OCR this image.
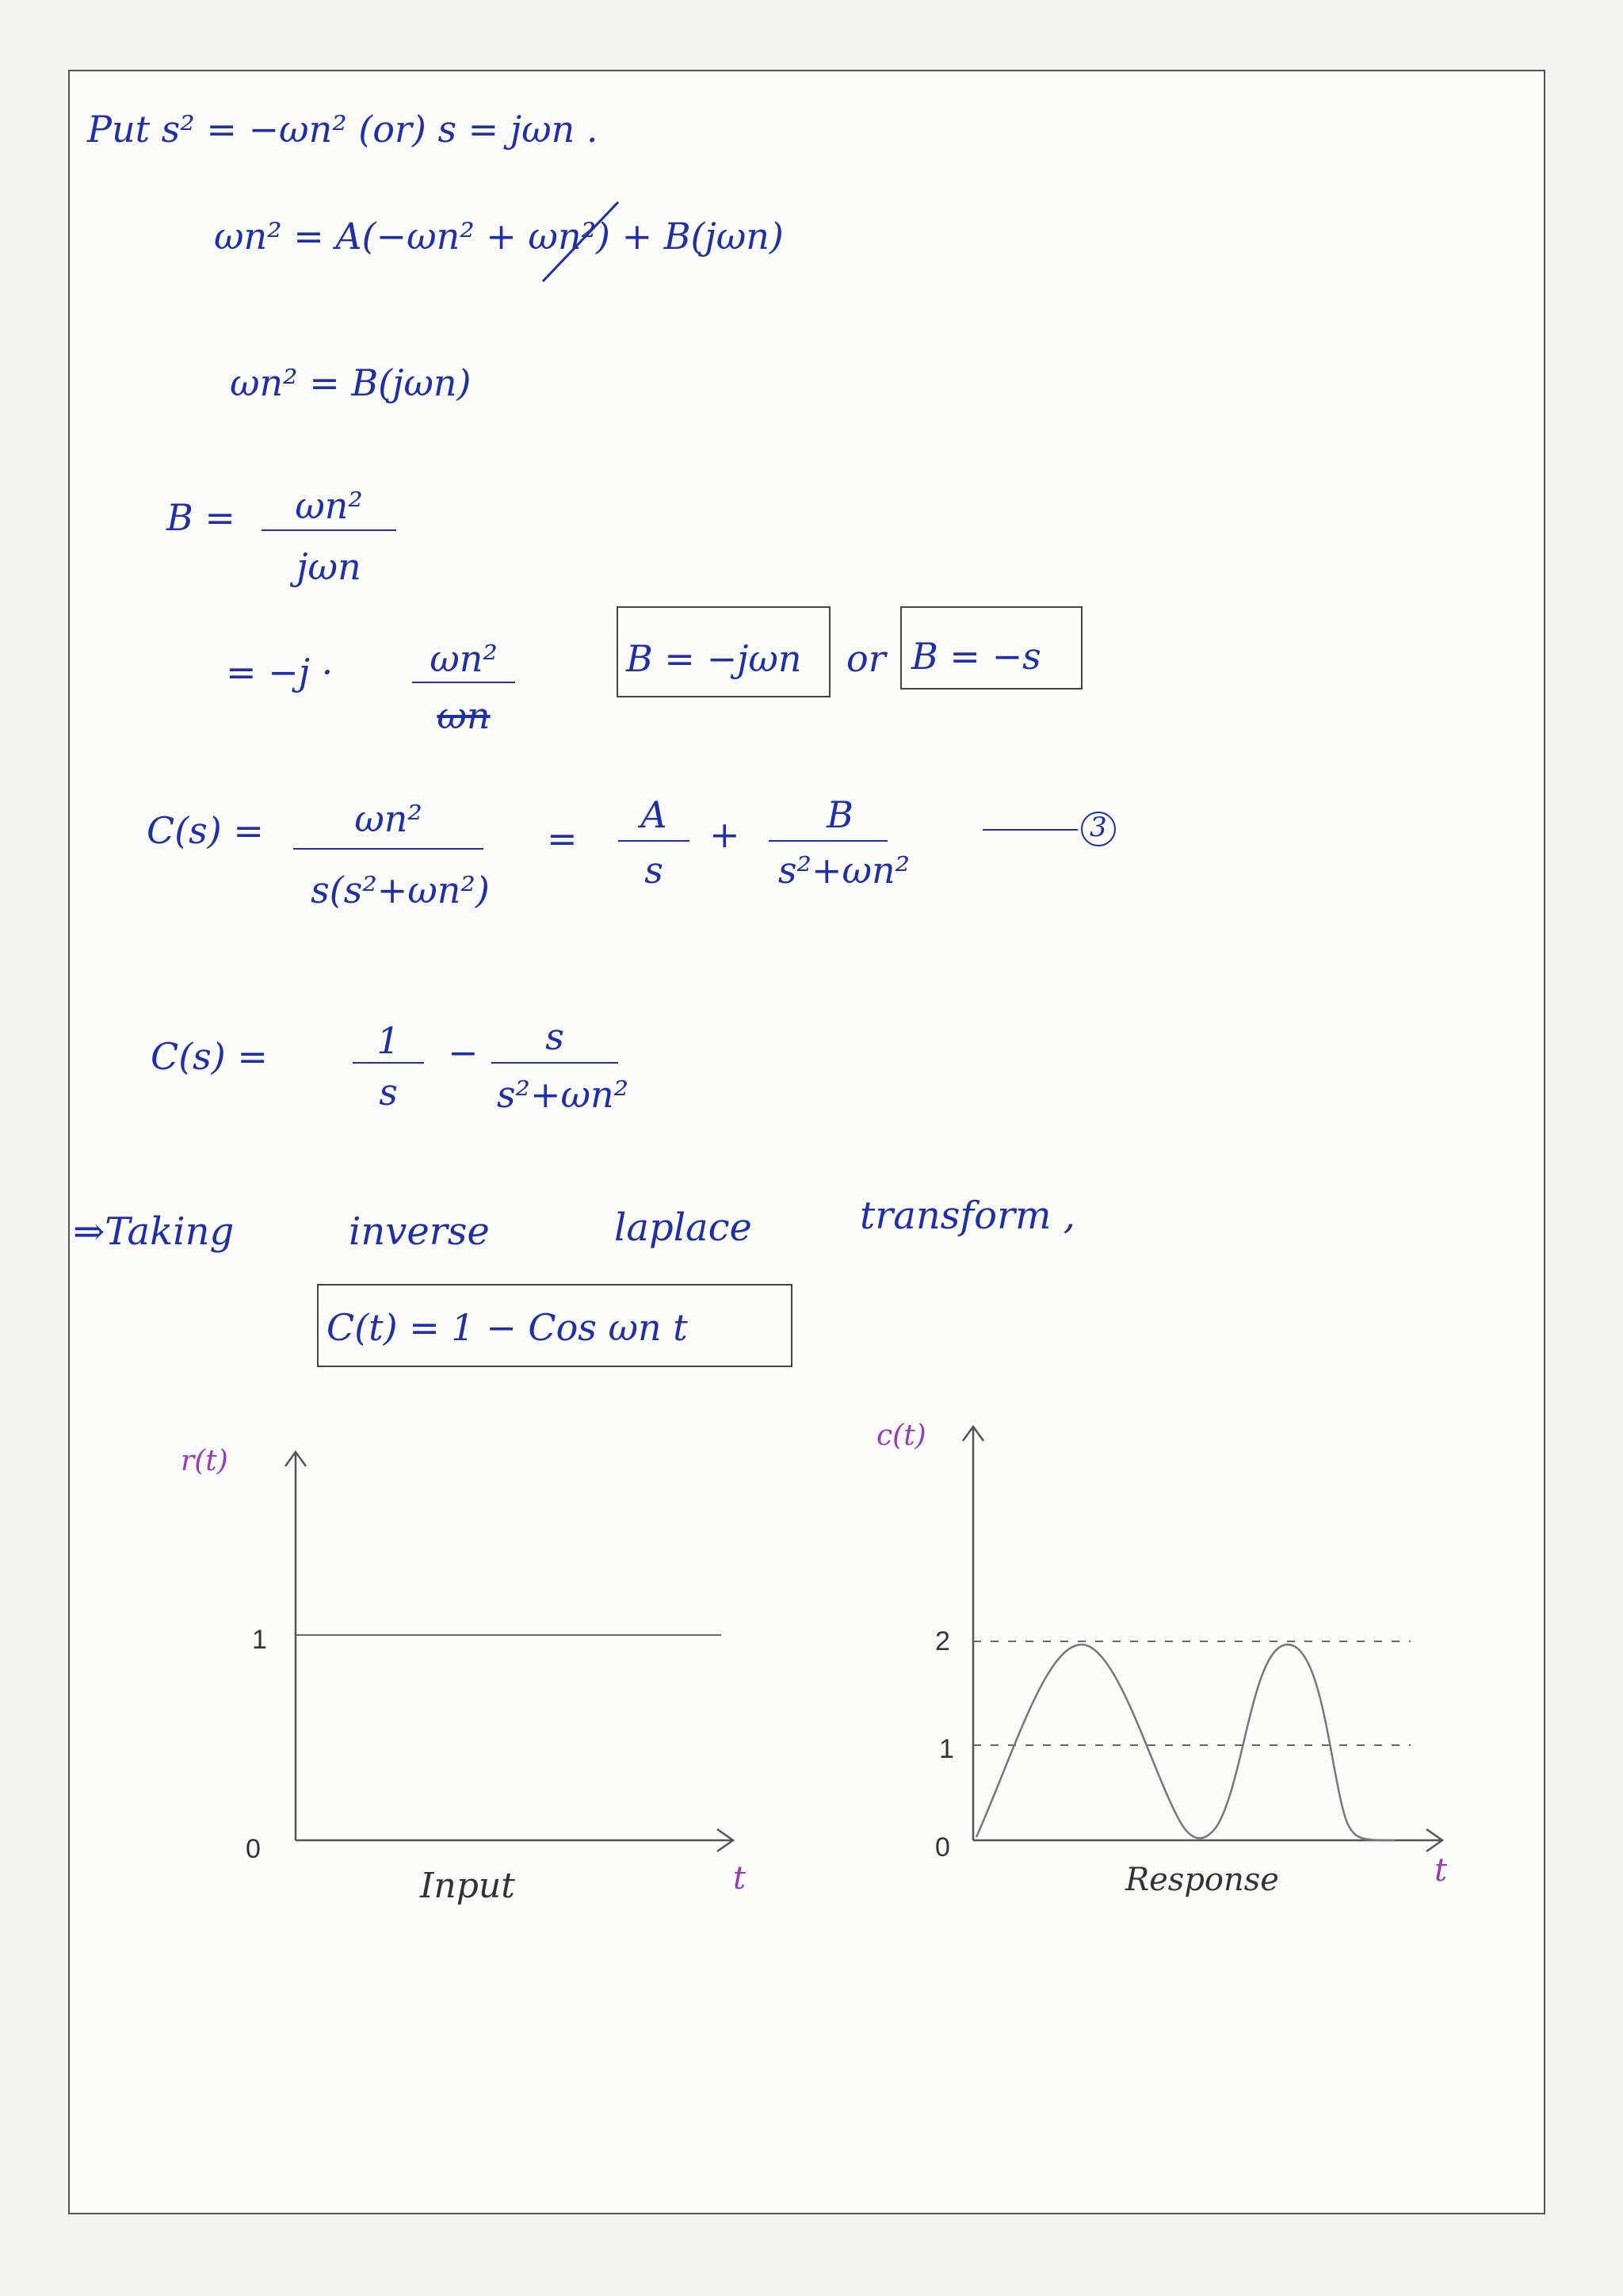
Put s² = −ωn² (or) s = jωn .
ωn² = A(−ωn² + ωn²) + B(jωn)
ωn² = B(jωn)
B =	ωn²
jωn
= −j ·	ωn²
ωn
B = −jωn or B = −s
C(s) =	ωn²
s(s²+ωn²)
=
A
s
+	B
s²+ωn²
3
C(s) =	1
s
−	s
s²+ωn²
⇒Taking	inverse	laplace	transform ,
C(t) = 1 − Cos ωn t
r(t)
1
0
Input	t
c(t)
2
1
0
Response	t
